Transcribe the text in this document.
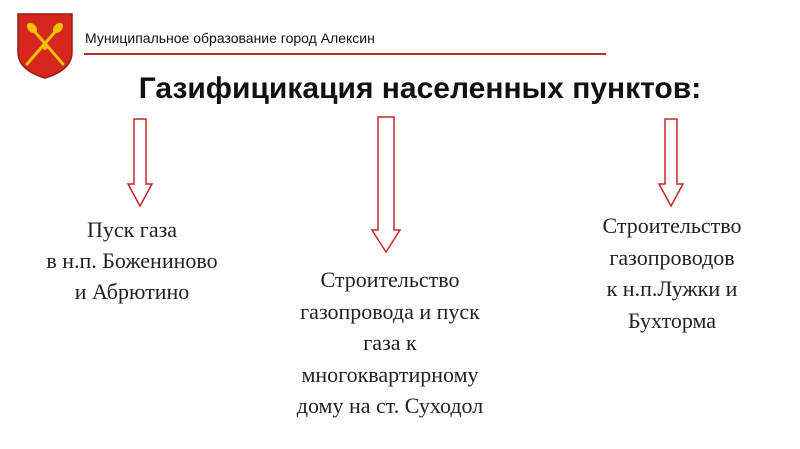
Муниципальное образование город Алексин
Газифицикация населенных пунктов:
Пуск газа
в н.п. Божениново
и Абрютино	Строительство
газопровода и пуск
газа к
многоквартирному
дому на ст. Суходол
Строительство
газопроводов
к н.п.Лужки и
Бухторма
